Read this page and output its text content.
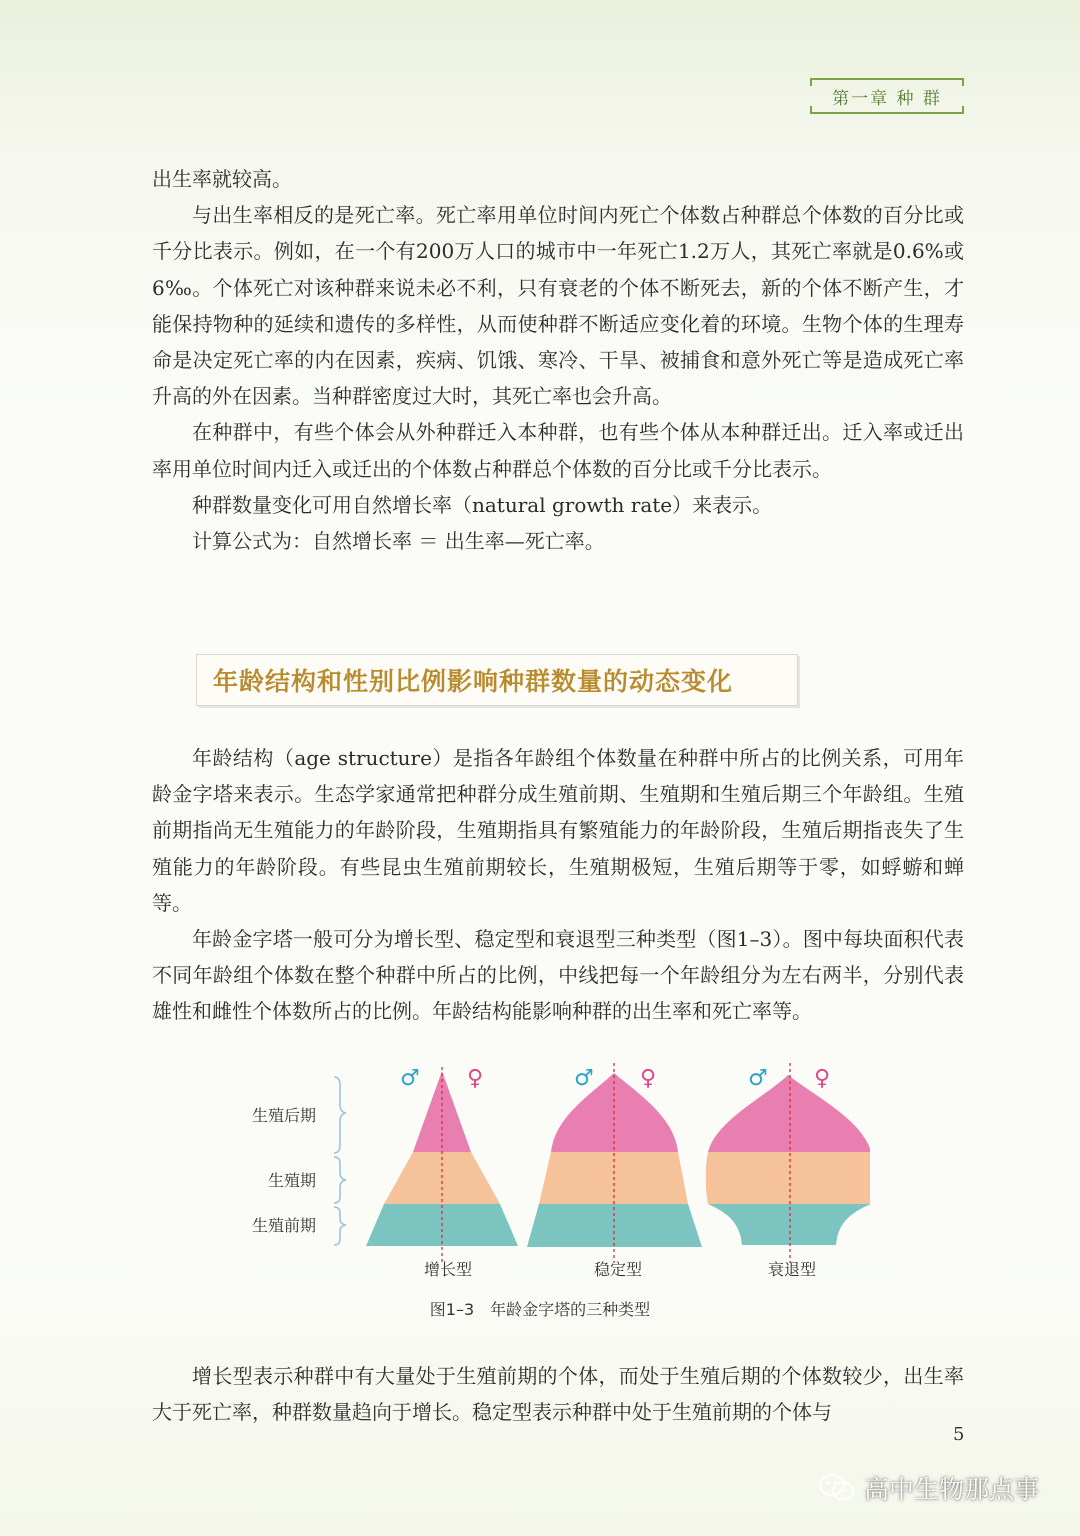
第一章 种 群

出生率就较高。

与出生率相反的是死亡率。死亡率用单位时间内死亡个体数占种群总个体数的百分比或千分比表示。例如，在一个有200万人口的城市中一年死亡1.2万人，其死亡率就是0.6%或6‰。个体死亡对该种群来说未必不利，只有衰老的个体不断死去，新的个体不断产生，才能保持物种的延续和遗传的多样性，从而使种群不断适应变化着的环境。生物个体的生理寿命是决定死亡率的内在因素，疾病、饥饿、寒冷、干旱、被捕食和意外死亡等是造成死亡率升高的外在因素。当种群密度过大时，其死亡率也会升高。

在种群中，有些个体会从外种群迁入本种群，也有些个体从本种群迁出。迁入率或迁出率用单位时间内迁入或迁出的个体数占种群总个体数的百分比或千分比表示。

种群数量变化可用自然增长率（natural growth rate）来表示。

计算公式为：自然增长率 ＝ 出生率—死亡率。

年龄结构和性别比例影响种群数量的动态变化

年龄结构（age structure）是指各年龄组个体数量在种群中所占的比例关系，可用年龄金字塔来表示。生态学家通常把种群分成生殖前期、生殖期和生殖后期三个年龄组。生殖前期指尚无生殖能力的年龄阶段，生殖期指具有繁殖能力的年龄阶段，生殖后期指丧失了生殖能力的年龄阶段。有些昆虫生殖前期较长，生殖期极短，生殖后期等于零，如蜉蝣和蝉等。

年龄金字塔一般可分为增长型、稳定型和衰退型三种类型（图1–3）。图中每块面积代表不同年龄组个体数在整个种群中所占的比例，中线把每一个年龄组分为左右两半，分别代表雄性和雌性个体数所占的比例。年龄结构能影响种群的出生率和死亡率等。

生殖后期
生殖期
生殖前期
♂ ♀
增长型
♂ ♀
稳定型
♂ ♀
衰退型
图1–3 年龄金字塔的三种类型

增长型表示种群中有大量处于生殖前期的个体，而处于生殖后期的个体数较少，出生率大于死亡率，种群数量趋向于增长。稳定型表示种群中处于生殖前期的个体与

5
高中生物那点事
